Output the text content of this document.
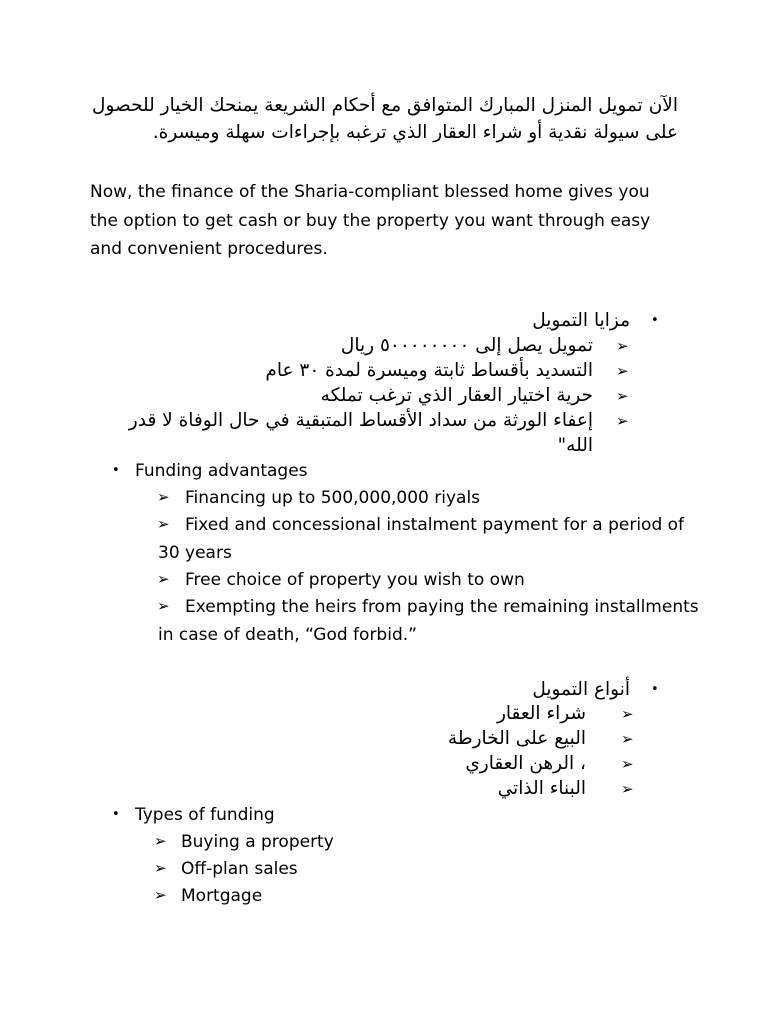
الآن تمويل المنزل المبارك المتوافق مع أحكام الشريعة يمنحك الخيار للحصول على سيولة نقدية أو شراء العقار الذي ترغبه بإجراءات سهلة وميسرة.
Now, the finance of the Sharia-compliant blessed home gives you the option to get cash or buy the property you want through easy and convenient procedures.
•
مزايا التمويل
➢
تمويل يصل إلى ٥٠٠٠٠٠٠٠٠ ريال
➢
التسديد بأقساط ثابتة وميسرة لمدة ٣٠ عام
➢
حرية اختيار العقار الذي ترغب تملكه
➢
إعفاء الورثة من سداد الأقساط المتبقية في حال الوفاة لا قدر
الله"
• Funding advantages
➢ Financing up to 500,000,000 riyals
➢ Fixed and concessional instalment payment for a period of
30 years
➢ Free choice of property you wish to own
➢ Exempting the heirs from paying the remaining installments
in case of death, “God forbid.”
•
أنواع التمويل
➢
شراء العقار
➢
البيع على الخارطة
➢
، الرهن العقاري
➢
البناء الذاتي
• Types of funding
➢ Buying a property
➢ Off-plan sales
➢ Mortgage
